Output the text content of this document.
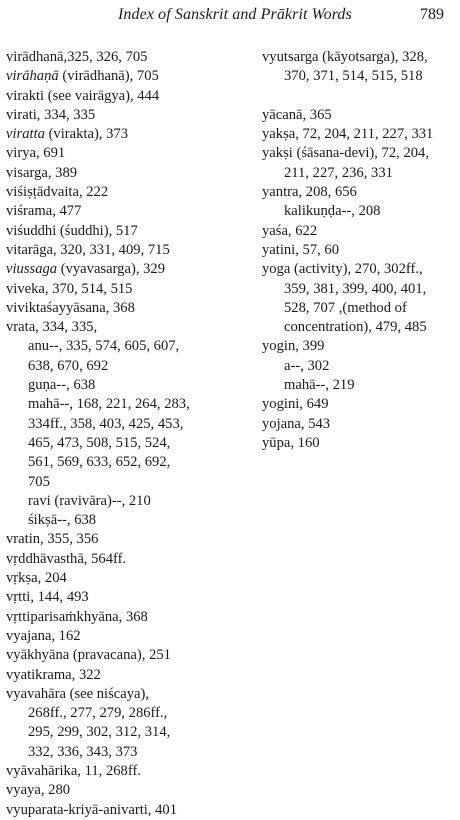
Index of Sanskrit and Prākrit Words	789
virādhanā,325, 326, 705
virāhaṇā (virādhanā), 705
virakti (see vairāgya), 444
virati, 334, 335
viratta (virakta), 373
virya, 691
visarga, 389
viśiṣṭādvaita, 222
viśrama, 477
viśuddhi (śuddhi), 517
vitarāga, 320, 331, 409, 715
viussaga (vyavasarga), 329
viveka, 370, 514, 515
viviktaśayyāsana, 368
vrata, 334, 335,
anu--, 335, 574, 605, 607,
638, 670, 692
guṇa--, 638
mahā--, 168, 221, 264, 283,
334ff., 358, 403, 425, 453,
465, 473, 508, 515, 524,
561, 569, 633, 652, 692,
705
ravi (ravivāra)--, 210
śikṣā--, 638
vratin, 355, 356
vṛddhāvasthā, 564ff.
vṛkṣa, 204
vṛtti, 144, 493
vṛttiparisaṁkhyāna, 368
vyajana, 162
vyākhyāna (pravacana), 251
vyatikrama, 322
vyavahāra (see niścaya),
268ff., 277, 279, 286ff.,
295, 299, 302, 312, 314,
332, 336, 343, 373
vyāvahārika, 11, 268ff.
vyaya, 280
vyuparata-kriyā-anivarti, 401
vyutsarga (kāyotsarga), 328,
370, 371, 514, 515, 518
yācanā, 365
yakṣa, 72, 204, 211, 227, 331
yakṣi (śāsana-devi), 72, 204,
211, 227, 236, 331
yantra, 208, 656
kalikuṇḍa--, 208
yaśa, 622
yatini, 57, 60
yoga (activity), 270, 302ff.,
359, 381, 399, 400, 401,
528, 707 ,(method of
concentration), 479, 485
yogin, 399
a--, 302
mahā--, 219
yogini, 649
yojana, 543
yūpa, 160
